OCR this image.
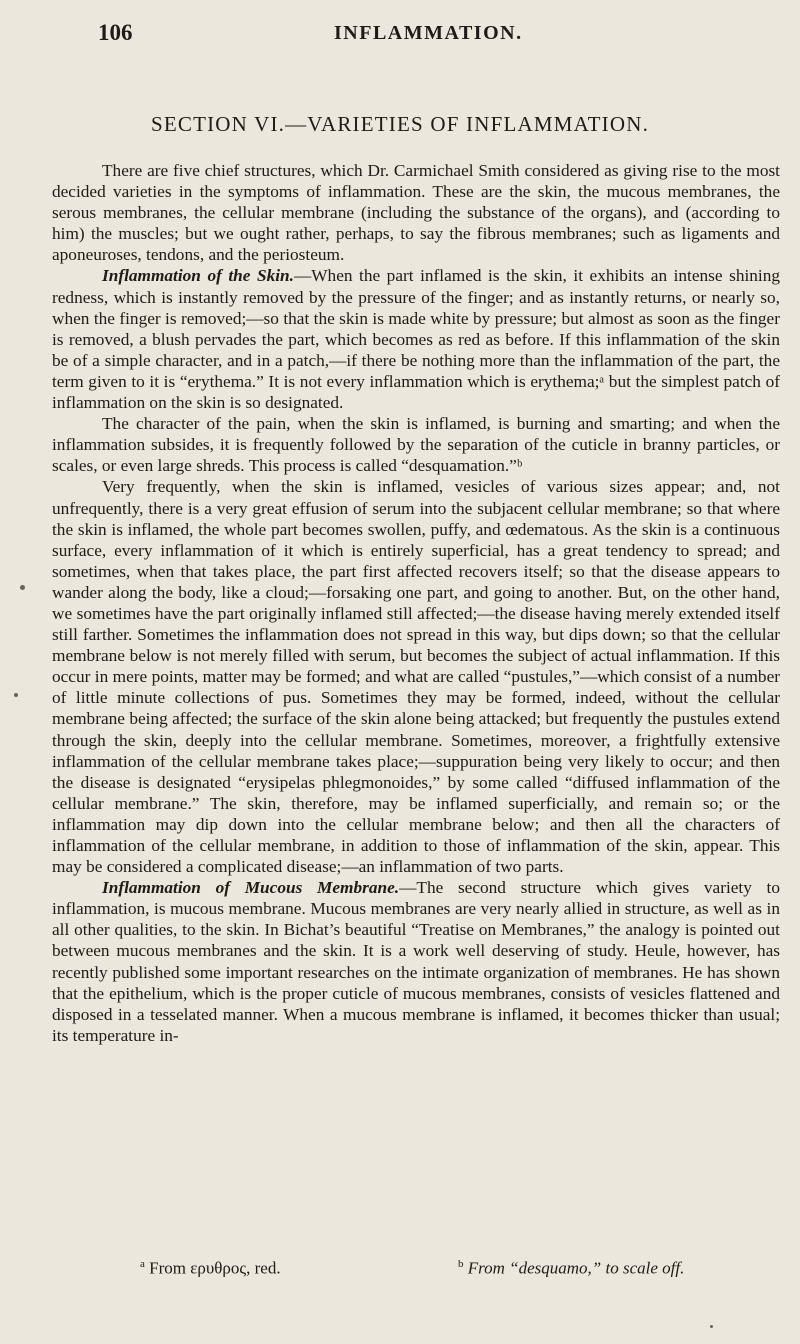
106	INFLAMMATION.
SECTION VI.—VARIETIES OF INFLAMMATION.

There are five chief structures, which Dr. Carmichael Smith considered as giving rise to the most decided varieties in the symptoms of inflammation. These are the skin, the mucous membranes, the serous membranes, the cellular membrane (including the substance of the organs), and (according to him) the muscles; but we ought rather, perhaps, to say the fibrous membranes; such as ligaments and aponeuroses, tendons, and the periosteum.

Inflammation of the Skin.—When the part inflamed is the skin, it exhibits an intense shining redness, which is instantly removed by the pressure of the finger; and as instantly returns, or nearly so, when the finger is removed;—so that the skin is made white by pressure; but almost as soon as the finger is removed, a blush pervades the part, which becomes as red as before. If this inflammation of the skin be of a simple character, and in a patch,—if there be nothing more than the inflammation of the part, the term given to it is “erythema.” It is not every inflammation which is erythema;ᵃ but the simplest patch of inflammation on the skin is so designated.

The character of the pain, when the skin is inflamed, is burning and smarting; and when the inflammation subsides, it is frequently followed by the separation of the cuticle in branny particles, or scales, or even large shreds. This process is called “desquamation.”ᵇ

Very frequently, when the skin is inflamed, vesicles of various sizes appear; and, not unfrequently, there is a very great effusion of serum into the subjacent cellular membrane; so that where the skin is inflamed, the whole part becomes swollen, puffy, and œdematous. As the skin is a continuous surface, every inflammation of it which is entirely superficial, has a great tendency to spread; and sometimes, when that takes place, the part first affected recovers itself; so that the disease appears to wander along the body, like a cloud;—forsaking one part, and going to another. But, on the other hand, we sometimes have the part originally inflamed still affected;—the disease having merely extended itself still farther. Sometimes the inflammation does not spread in this way, but dips down; so that the cellular membrane below is not merely filled with serum, but becomes the subject of actual inflammation. If this occur in mere points, matter may be formed; and what are called “pustules,”—which consist of a number of little minute collections of pus. Sometimes they may be formed, indeed, without the cellular membrane being affected; the surface of the skin alone being attacked; but frequently the pustules extend through the skin, deeply into the cellular membrane. Sometimes, moreover, a frightfully extensive inflammation of the cellular membrane takes place;—suppuration being very likely to occur; and then the disease is designated “erysipelas phlegmonoides,” by some called “diffused inflammation of the cellular membrane.” The skin, therefore, may be inflamed superficially, and remain so; or the inflammation may dip down into the cellular membrane below; and then all the characters of inflammation of the cellular membrane, in addition to those of inflammation of the skin, appear. This may be considered a complicated disease;—an inflammation of two parts.

Inflammation of Mucous Membrane.—The second structure which gives variety to inflammation, is mucous membrane. Mucous membranes are very nearly allied in structure, as well as in all other qualities, to the skin. In Bichat’s beautiful “Treatise on Membranes,” the analogy is pointed out between mucous membranes and the skin. It is a work well deserving of study. Heule, however, has recently published some important researches on the intimate organization of membranes. He has shown that the epithelium, which is the proper cuticle of mucous membranes, consists of vesicles flattened and disposed in a tesselated manner. When a mucous membrane is inflamed, it becomes thicker than usual; its temperature in-

$^a$ From ερυθρος, red.	$^b$ From “desquamo,” to scale off.
